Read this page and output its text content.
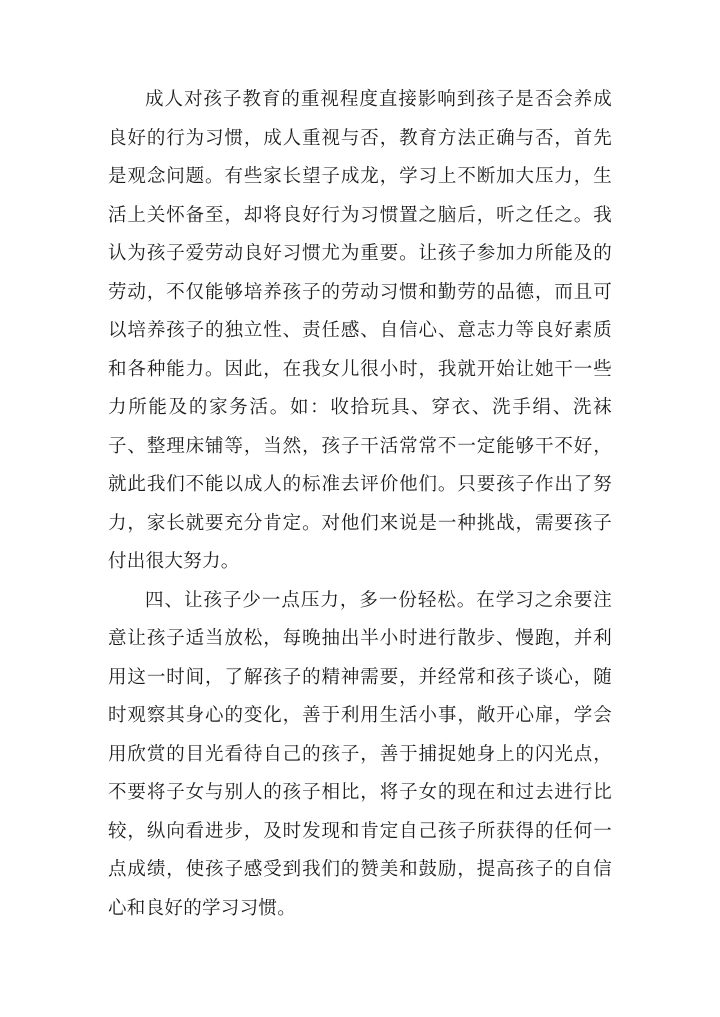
成人对孩子教育的重视程度直接影响到孩子是否会养成良好的行为习惯，成人重视与否，教育方法正确与否，首先是观念问题。有些家长望子成龙，学习上不断加大压力，生活上关怀备至，却将良好行为习惯置之脑后，听之任之。我认为孩子爱劳动良好习惯尤为重要。让孩子参加力所能及的劳动，不仅能够培养孩子的劳动习惯和勤劳的品德，而且可以培养孩子的独立性、责任感、自信心、意志力等良好素质和各种能力。因此，在我女儿很小时，我就开始让她干一些力所能及的家务活。如：收拾玩具、穿衣、洗手绢、洗袜子、整理床铺等，当然，孩子干活常常不一定能够干不好，就此我们不能以成人的标准去评价他们。只要孩子作出了努力，家长就要充分肯定。对他们来说是一种挑战，需要孩子付出很大努力。

四、让孩子少一点压力，多一份轻松。在学习之余要注意让孩子适当放松，每晚抽出半小时进行散步、慢跑，并利用这一时间，了解孩子的精神需要，并经常和孩子谈心，随时观察其身心的变化，善于利用生活小事，敞开心扉，学会用欣赏的目光看待自己的孩子，善于捕捉她身上的闪光点，不要将子女与别人的孩子相比，将子女的现在和过去进行比较，纵向看进步，及时发现和肯定自己孩子所获得的任何一点成绩，使孩子感受到我们的赞美和鼓励，提高孩子的自信心和良好的学习习惯。
